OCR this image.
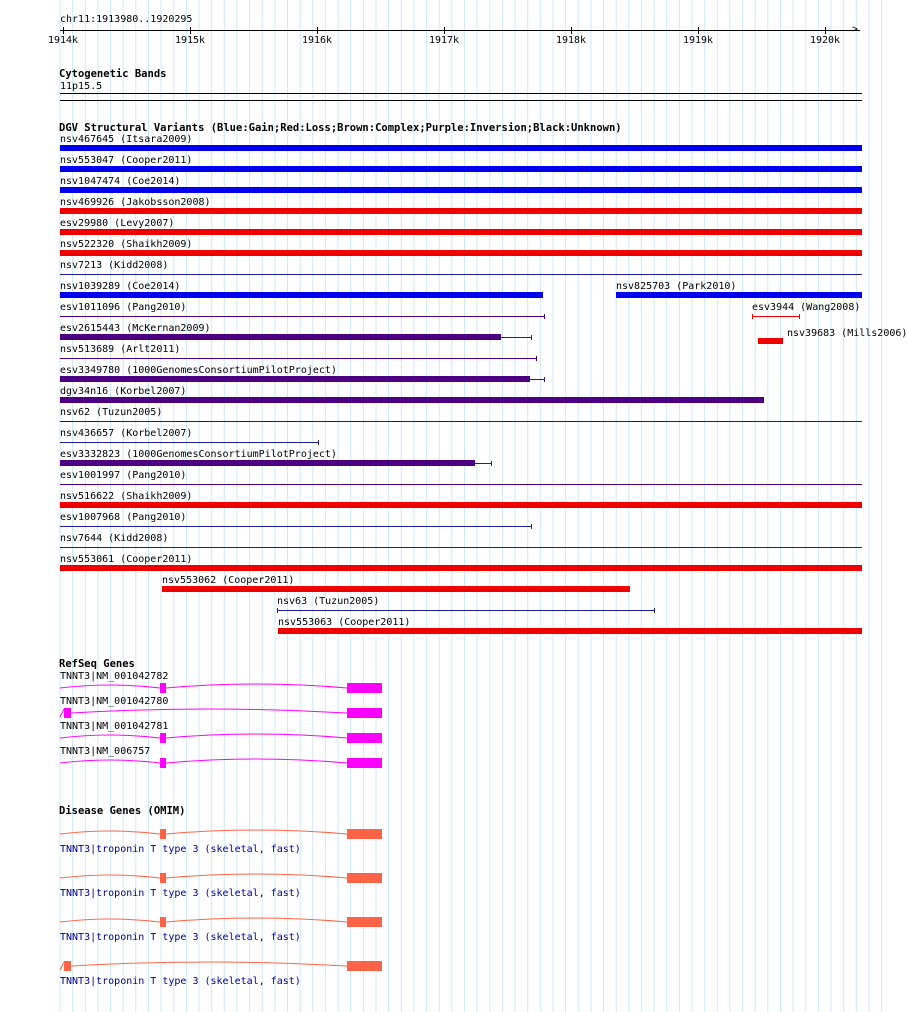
chr11:1913980..1920295
>
1914k	1915k	1916k	1917k	1918k	1919k	1920k
Cytogenetic Bands
11p15.5
DGV Structural Variants (Blue:Gain;Red:Loss;Brown:Complex;Purple:Inversion;Black:Unknown)
nsv467645 (Itsara2009)
nsv553047 (Cooper2011)
nsv1047474 (Coe2014)
nsv469926 (Jakobsson2008)
esv29980 (Levy2007)
nsv522320 (Shaikh2009)
nsv7213 (Kidd2008)
nsv1039289 (Coe2014)	nsv825703 (Park2010)
esv1011096 (Pang2010)	esv3944 (Wang2008)
esv2615443 (McKernan2009)	nsv39683 (Mills2006)
nsv513689 (Arlt2011)
esv3349780 (1000GenomesConsortiumPilotProject)
dgv34n16 (Korbel2007)
nsv62 (Tuzun2005)
nsv436657 (Korbel2007)
esv3332823 (1000GenomesConsortiumPilotProject)
esv1001997 (Pang2010)
nsv516622 (Shaikh2009)
esv1007968 (Pang2010)
nsv7644 (Kidd2008)
nsv553061 (Cooper2011)
nsv553062 (Cooper2011)
nsv63 (Tuzun2005)
nsv553063 (Cooper2011)
RefSeq Genes
TNNT3|NM_001042782
TNNT3|NM_001042780
TNNT3|NM_001042781
TNNT3|NM_006757
Disease Genes (OMIM)
TNNT3|troponin T type 3 (skeletal, fast)
TNNT3|troponin T type 3 (skeletal, fast)
TNNT3|troponin T type 3 (skeletal, fast)
TNNT3|troponin T type 3 (skeletal, fast)
